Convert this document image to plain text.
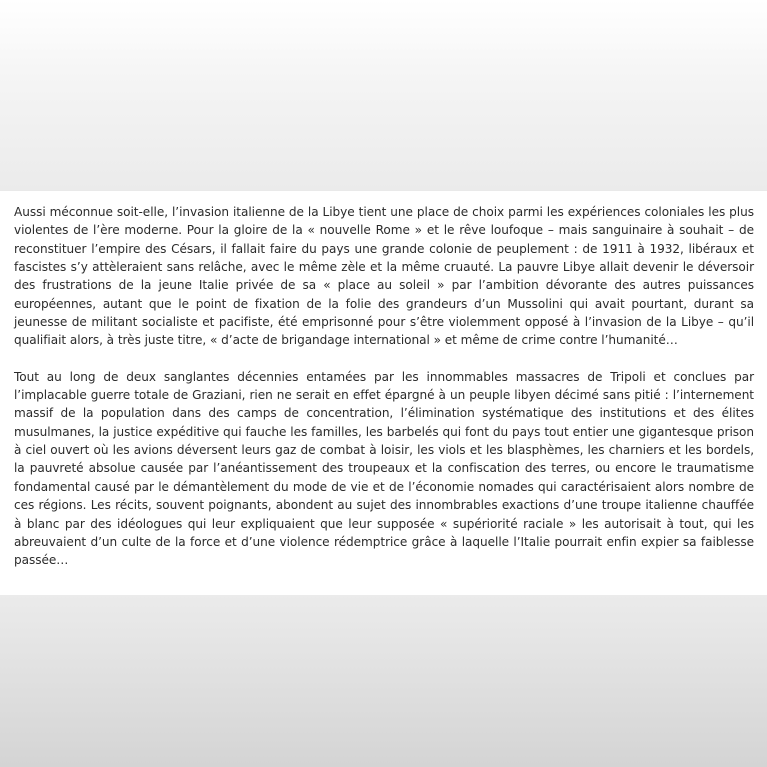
Aussi méconnue soit-elle, l’invasion italienne de la Libye tient une place de choix parmi les expériences coloniales les plus violentes de l’ère moderne. Pour la gloire de la « nouvelle Rome » et le rêve loufoque – mais sanguinaire à souhait – de reconstituer l’empire des Césars, il fallait faire du pays une grande colonie de peuplement : de 1911 à 1932, libéraux et fascistes s’y attèleraient sans relâche, avec le même zèle et la même cruauté. La pauvre Libye allait devenir le déversoir des frustrations de la jeune Italie privée de sa « place au soleil » par l’ambition dévorante des autres puissances européennes, autant que le point de fixation de la folie des grandeurs d’un Mussolini qui avait pourtant, durant sa jeunesse de militant socialiste et pacifiste, été emprisonné pour s’être violemment opposé à l’invasion de la Libye – qu’il qualifiait alors, à très juste titre, « d’acte de brigandage international » et même de crime contre l’humanité…

Tout au long de deux sanglantes décennies entamées par les innommables massacres de Tripoli et conclues par l’implacable guerre totale de Graziani, rien ne serait en effet épargné à un peuple libyen décimé sans pitié : l’internement massif de la population dans des camps de concentration, l’élimination systématique des institutions et des élites musulmanes, la justice expéditive qui fauche les familles, les barbelés qui font du pays tout entier une gigantesque prison à ciel ouvert où les avions déversent leurs gaz de combat à loisir, les viols et les blasphèmes, les charniers et les bordels, la pauvreté absolue causée par l’anéantissement des troupeaux et la confiscation des terres, ou encore le traumatisme fondamental causé par le démantèlement du mode de vie et de l’économie nomades qui caractérisaient alors nombre de ces régions. Les récits, souvent poignants, abondent au sujet des innombrables exactions d’une troupe italienne chauffée à blanc par des idéologues qui leur expliquaient que leur supposée « supériorité raciale » les autorisait à tout, qui les abreuvaient d’un culte de la force et d’une violence rédemptrice grâce à laquelle l’Italie pourrait enfin expier sa faiblesse passée…
